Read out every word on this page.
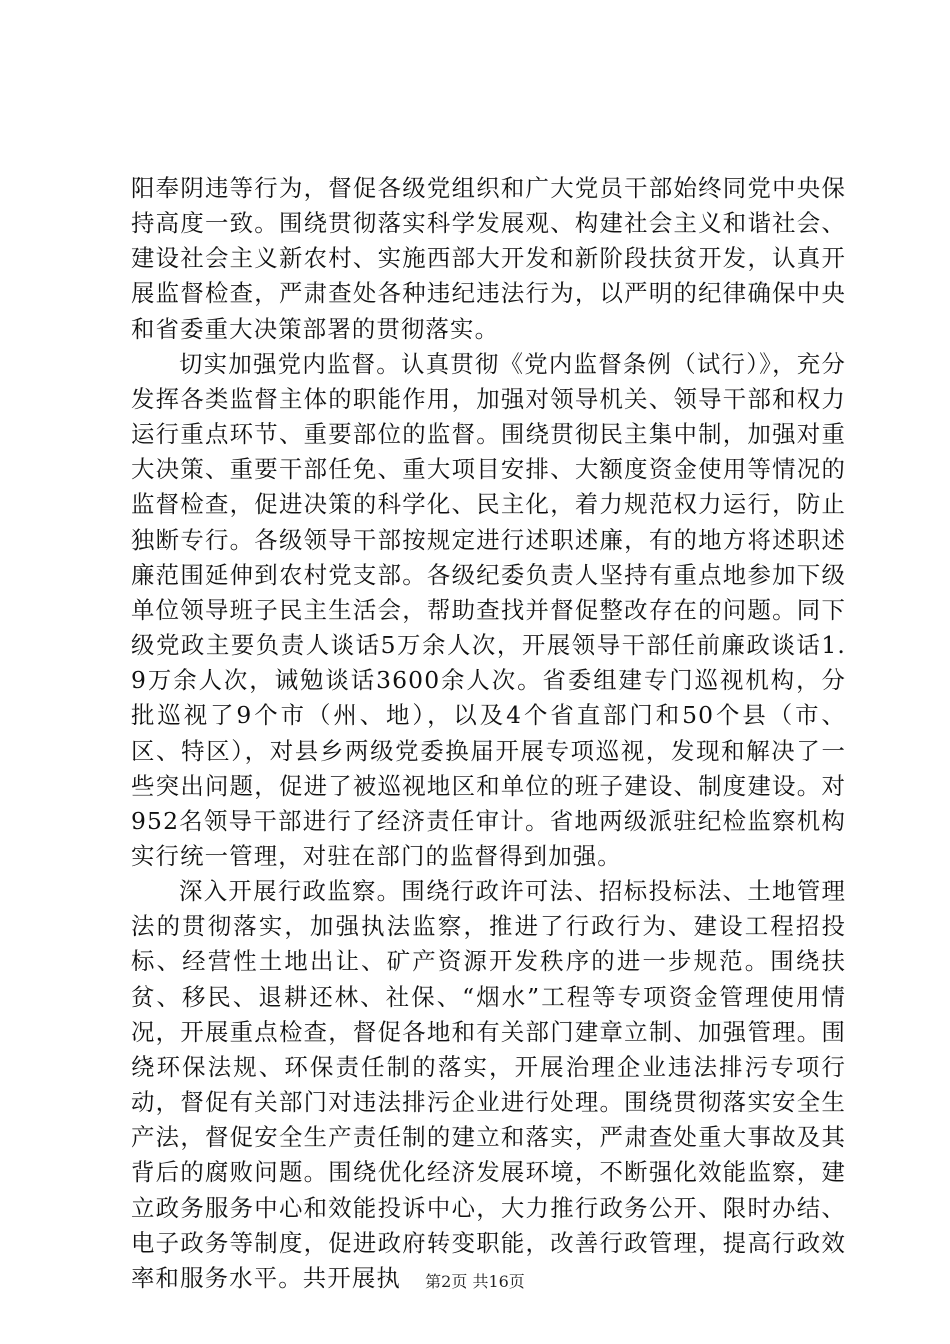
阳奉阴违等行为，督促各级党组织和广大党员干部始终同党中央保持高度一致。围绕贯彻落实科学发展观、构建社会主义和谐社会、建设社会主义新农村、实施西部大开发和新阶段扶贫开发，认真开展监督检查，严肃查处各种违纪违法行为，以严明的纪律确保中央和省委重大决策部署的贯彻落实。

切实加强党内监督。认真贯彻《党内监督条例（试行）》，充分发挥各类监督主体的职能作用，加强对领导机关、领导干部和权力运行重点环节、重要部位的监督。围绕贯彻民主集中制，加强对重大决策、重要干部任免、重大项目安排、大额度资金使用等情况的监督检查，促进决策的科学化、民主化，着力规范权力运行，防止独断专行。各级领导干部按规定进行述职述廉，有的地方将述职述廉范围延伸到农村党支部。各级纪委负责人坚持有重点地参加下级单位领导班子民主生活会，帮助查找并督促整改存在的问题。同下级党政主要负责人谈话5万余人次，开展领导干部任前廉政谈话1.9万余人次，诫勉谈话3600余人次。省委组建专门巡视机构，分批巡视了9个市（州、地），以及4个省直部门和50个县（市、区、特区），对县乡两级党委换届开展专项巡视，发现和解决了一些突出问题，促进了被巡视地区和单位的班子建设、制度建设。对952名领导干部进行了经济责任审计。省地两级派驻纪检监察机构实行统一管理，对驻在部门的监督得到加强。

深入开展行政监察。围绕行政许可法、招标投标法、土地管理法的贯彻落实，加强执法监察，推进了行政行为、建设工程招投标、经营性土地出让、矿产资源开发秩序的进一步规范。围绕扶贫、移民、退耕还林、社保、“烟水”工程等专项资金管理使用情况，开展重点检查，督促各地和有关部门建章立制、加强管理。围绕环保法规、环保责任制的落实，开展治理企业违法排污专项行动，督促有关部门对违法排污企业进行处理。围绕贯彻落实安全生产法，督促安全生产责任制的建立和落实，严肃查处重大事故及其背后的腐败问题。围绕优化经济发展环境，不断强化效能监察，建立政务服务中心和效能投诉中心，大力推行政务公开、限时办结、电子政务等制度，促进政府转变职能，改善行政管理，提高行政效率和服务水平。共开展执	第2页 共16页
